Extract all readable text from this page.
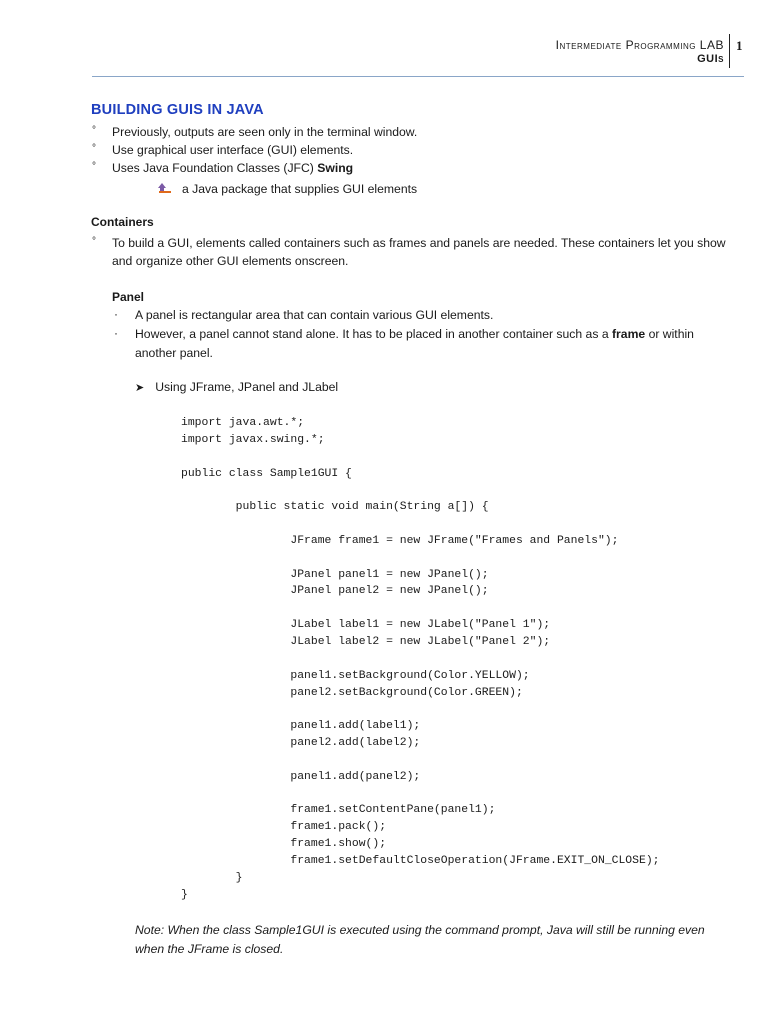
Intermediate Programming LAB
GUIs
1
BUILDING GUIS IN JAVA
° Previously, outputs are seen only in the terminal window.
° Use graphical user interface (GUI) elements.
° Uses Java Foundation Classes (JFC) Swing
a Java package that supplies GUI elements
Containers
° To build a GUI, elements called containers such as frames and panels are needed. These containers let you show and organize other GUI elements onscreen.
Panel
· A panel is rectangular area that can contain various GUI elements.
· However, a panel cannot stand alone. It has to be placed in another container such as a frame or within another panel.
➤ Using JFrame, JPanel and JLabel
import java.awt.*;
import javax.swing.*;

public class Sample1GUI {

public static void main(String a[]) {

JFrame frame1 = new JFrame("Frames and Panels");

JPanel panel1 = new JPanel();
JPanel panel2 = new JPanel();

JLabel label1 = new JLabel("Panel 1");
JLabel label2 = new JLabel("Panel 2");

panel1.setBackground(Color.YELLOW);
panel2.setBackground(Color.GREEN);

panel1.add(label1);
panel2.add(label2);

panel1.add(panel2);

frame1.setContentPane(panel1);
frame1.pack();
frame1.show();
frame1.setDefaultCloseOperation(JFrame.EXIT_ON_CLOSE);
}
}
Note: When the class Sample1GUI is executed using the command prompt, Java will still be running even when the JFrame is closed.
